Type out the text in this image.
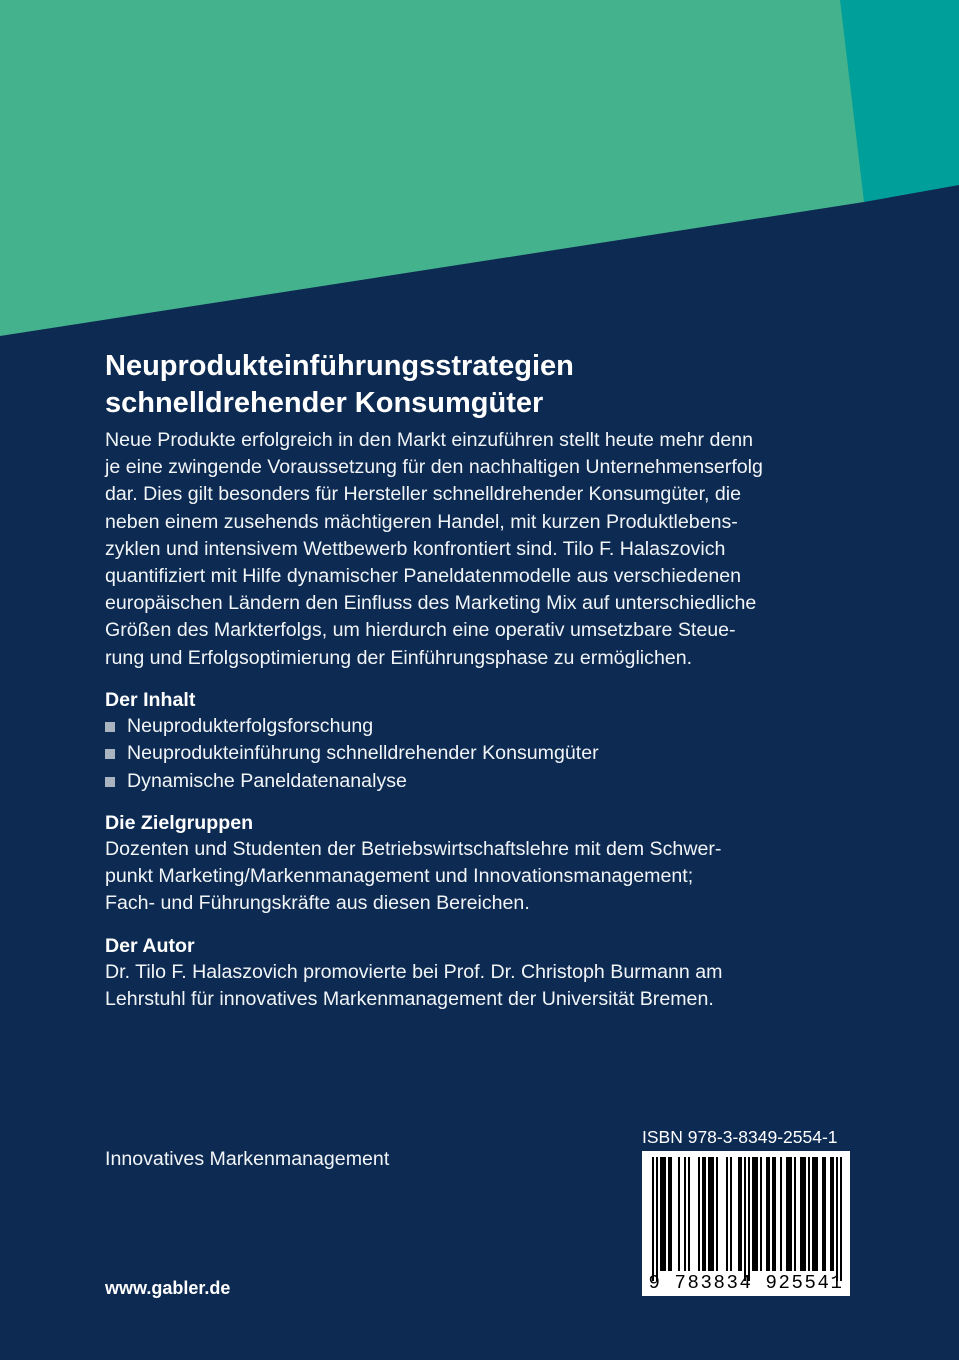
Neuprodukteinführungsstrategien
schnelldrehender Konsumgüter
Neue Produkte erfolgreich in den Markt einzuführen stellt heute mehr denn
je eine zwingende Voraussetzung für den nachhaltigen Unternehmenserfolg
dar. Dies gilt besonders für Hersteller schnelldrehender Konsumgüter, die
neben einem zusehends mächtigeren Handel, mit kurzen Produktlebens-
zyklen und intensivem Wettbewerb konfrontiert sind. Tilo F. Halaszovich
quantifiziert mit Hilfe dynamischer Paneldatenmodelle aus verschiedenen
europäischen Ländern den Einfluss des Marketing Mix auf unterschiedliche
Größen des Markterfolgs, um hierdurch eine operativ umsetzbare Steue-
rung und Erfolgsoptimierung der Einführungsphase zu ermöglichen.
Der Inhalt
Neuprodukterfolgsforschung
Neuprodukteinführung schnelldrehender Konsumgüter
Dynamische Paneldatenanalyse
Die Zielgruppen
Dozenten und Studenten der Betriebswirtschaftslehre mit dem Schwer-
punkt Marketing/Markenmanagement und Innovationsmanagement;
Fach- und Führungskräfte aus diesen Bereichen.
Der Autor
Dr. Tilo F. Halaszovich promovierte bei Prof. Dr. Christoph Burmann am
Lehrstuhl für innovatives Markenmanagement der Universität Bremen.
Innovatives Markenmanagement
www.gabler.de
ISBN 978-3-8349-2554-1
9 783834 925541
